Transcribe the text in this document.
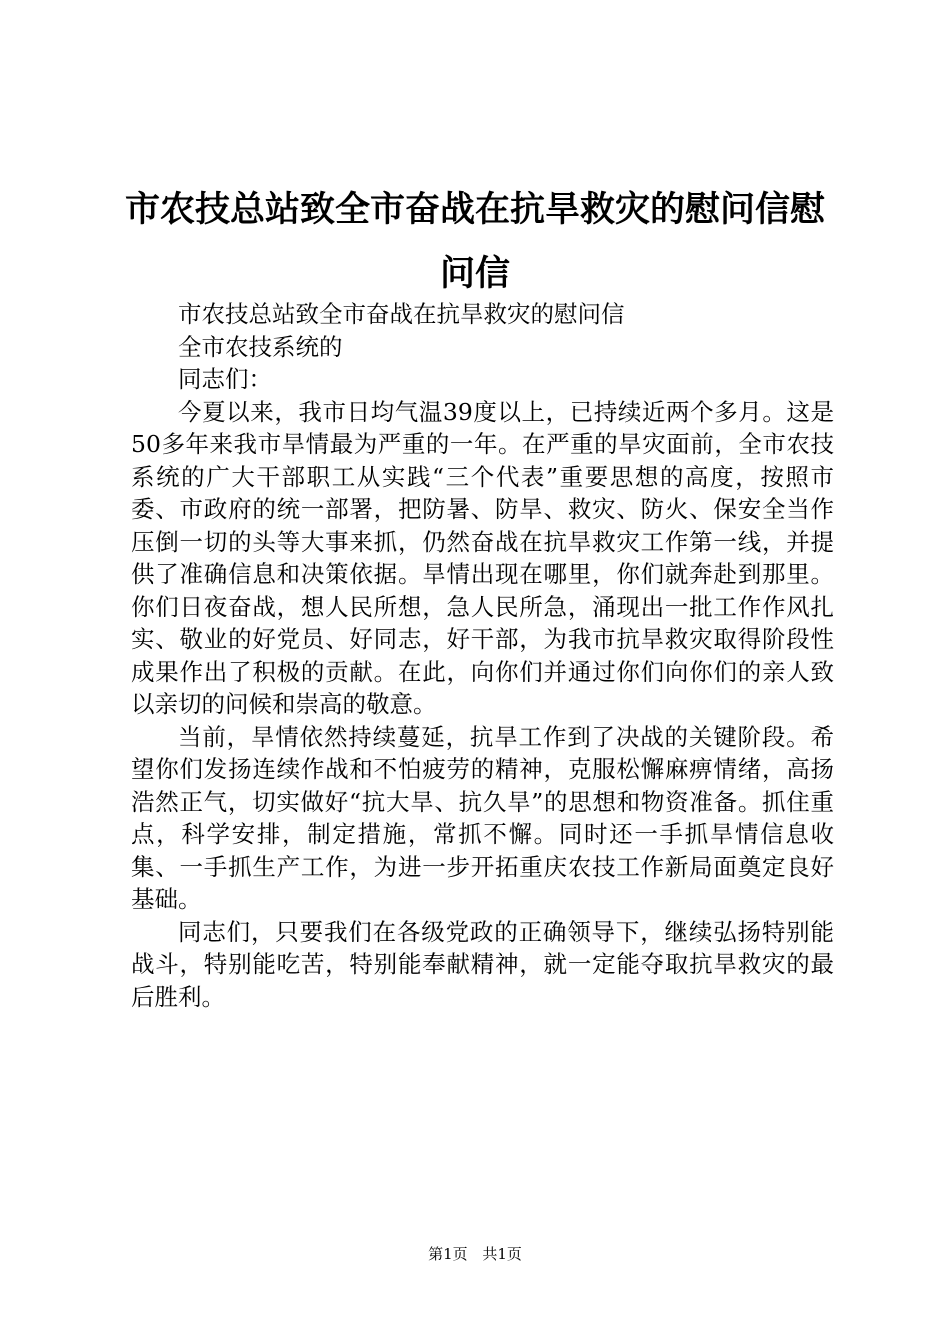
市农技总站致全市奋战在抗旱救灾的慰问信慰问信

市农技总站致全市奋战在抗旱救灾的慰问信

全市农技系统的

同志们：

今夏以来，我市日均气温39度以上，已持续近两个多月。这是50多年来我市旱情最为严重的一年。在严重的旱灾面前，全市农技系统的广大干部职工从实践“三个代表”重要思想的高度，按照市委、市政府的统一部署，把防暑、防旱、救灾、防火、保安全当作压倒一切的头等大事来抓，仍然奋战在抗旱救灾工作第一线，并提供了准确信息和决策依据。旱情出现在哪里，你们就奔赴到那里。你们日夜奋战，想人民所想，急人民所急，涌现出一批工作作风扎实、敬业的好党员、好同志，好干部，为我市抗旱救灾取得阶段性成果作出了积极的贡献。在此，向你们并通过你们向你们的亲人致以亲切的问候和崇高的敬意。

当前，旱情依然持续蔓延，抗旱工作到了决战的关键阶段。希望你们发扬连续作战和不怕疲劳的精神，克服松懈麻痹情绪，高扬浩然正气，切实做好“抗大旱、抗久旱”的思想和物资准备。抓住重点，科学安排，制定措施，常抓不懈。同时还一手抓旱情信息收集、一手抓生产工作，为进一步开拓重庆农技工作新局面奠定良好基础。

同志们，只要我们在各级党政的正确领导下，继续弘扬特别能战斗，特别能吃苦，特别能奉献精神，就一定能夺取抗旱救灾的最后胜利。

第1页 共1页
